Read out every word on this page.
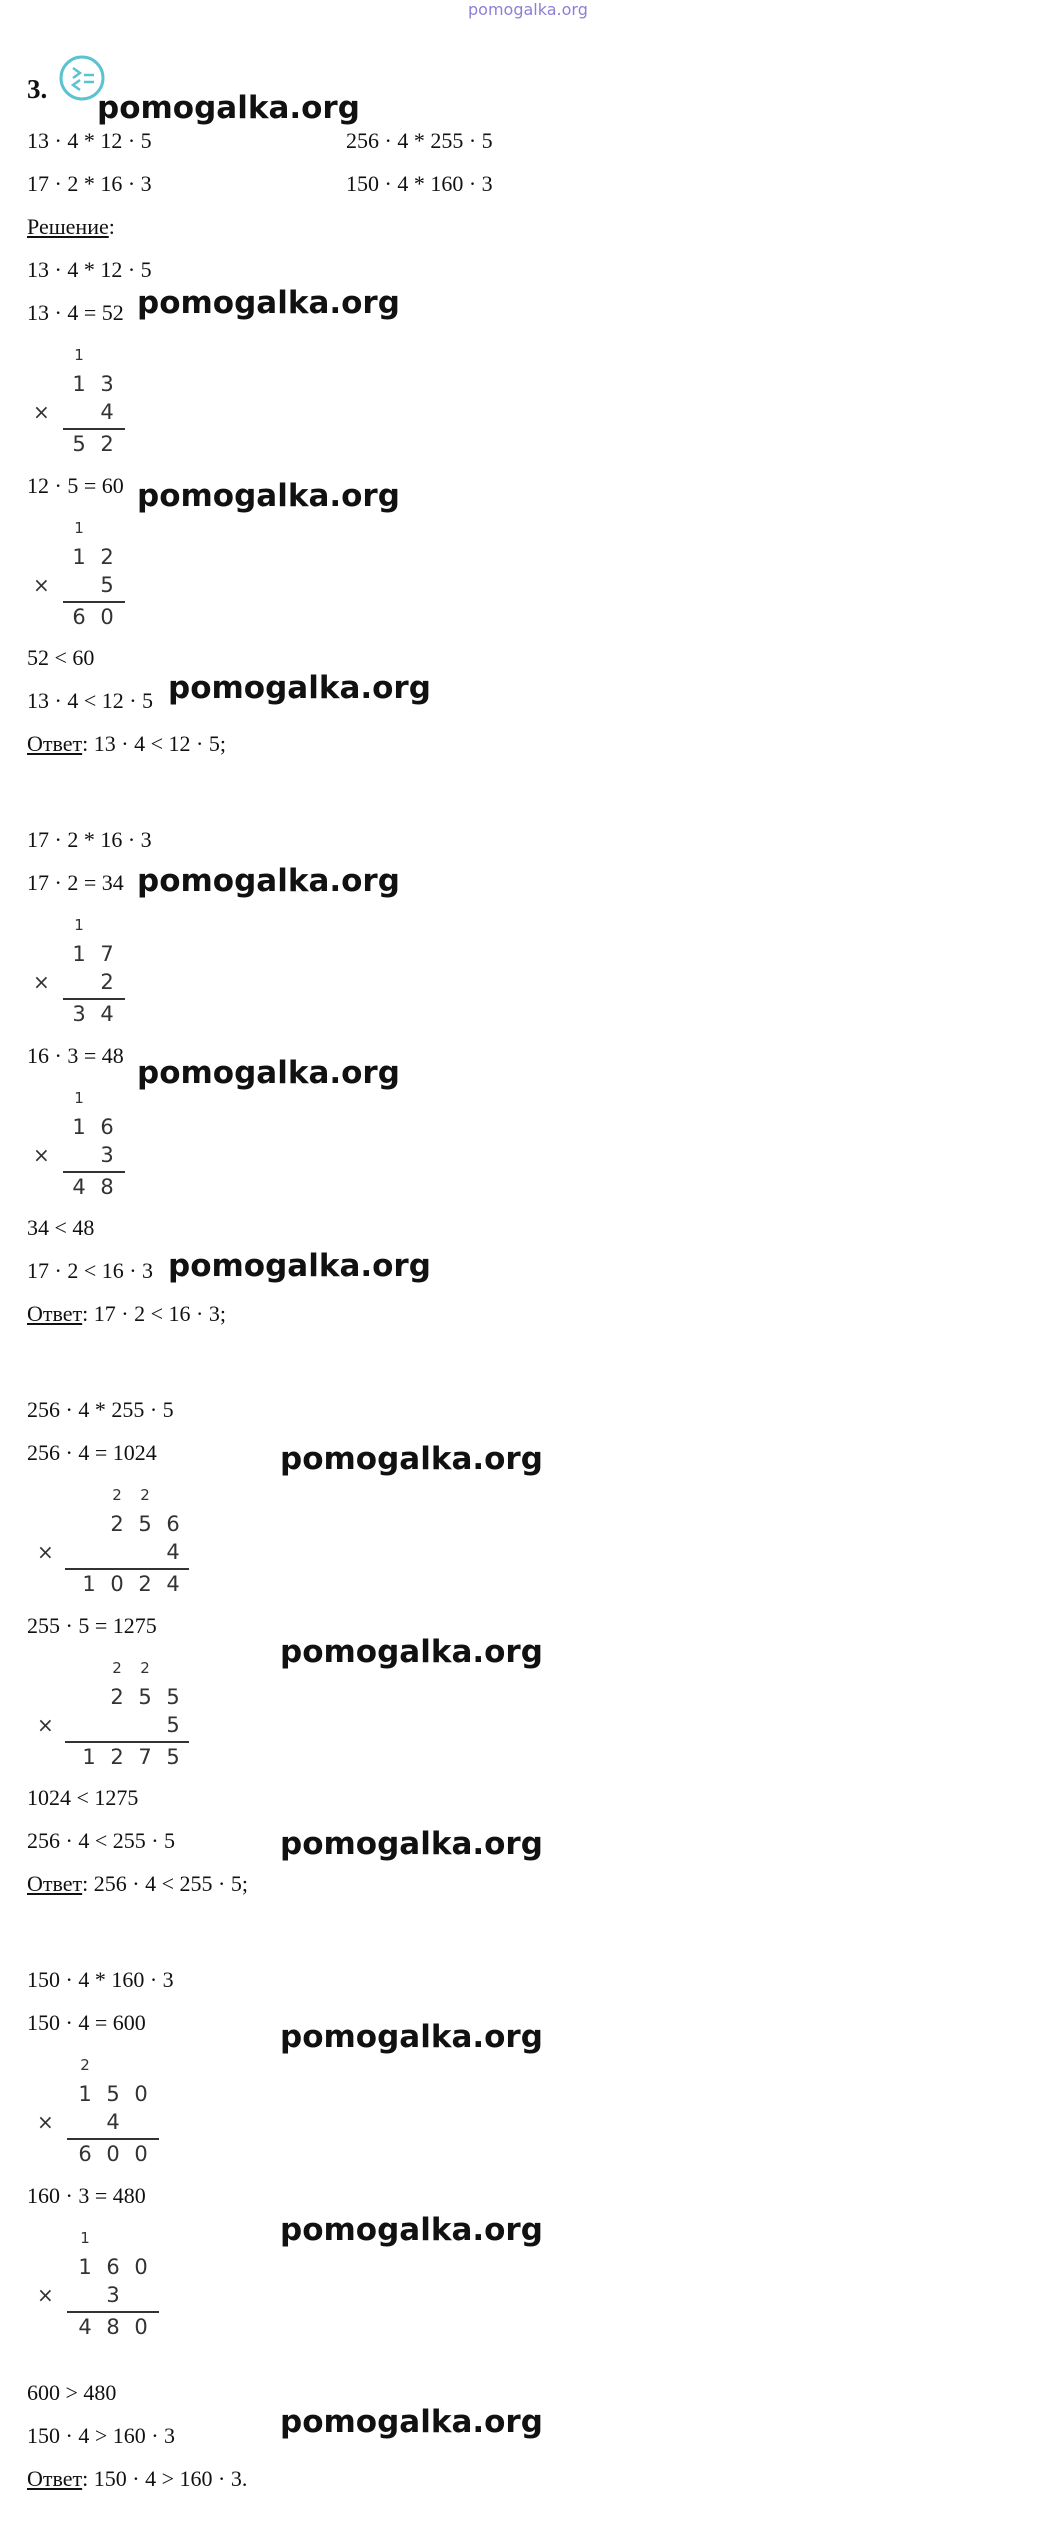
pomogalka.org
3.
13 · 4 * 12 · 5	256 · 4 * 255 · 5
17 · 2 * 16 · 3	150 · 4 * 160 · 3
Решение:
13 · 4 * 12 · 5
13 · 4 = 52
1
1 3
×	4
5 2
12 · 5 = 60
1
1 2
×	5
6 0
52 < 60
13 · 4 < 12 · 5
Ответ: 13 · 4 < 12 · 5;
17 · 2 * 16 · 3
17 · 2 = 34
1
1 7
×	2
3 4
16 · 3 = 48
1
1 6
×	3
4 8
34 < 48
17 · 2 < 16 · 3
Ответ: 17 · 2 < 16 · 3;
256 · 4 * 255 · 5
256 · 4 = 1024
2	2
2 5 6
×	4
1 0 2 4
255 · 5 = 1275
2	2
2 5 5
×	5
1 2 7 5
1024 < 1275
256 · 4 < 255 · 5
Ответ: 256 · 4 < 255 · 5;
150 · 4 * 160 · 3
150 · 4 = 600
2
1 5 0
×	4
6 0 0
160 · 3 = 480
1
1 6 0
×	3
4 8 0
600 > 480
150 · 4 > 160 · 3
Ответ: 150 · 4 > 160 · 3.
pomogalka.org
pomogalka.org
pomogalka.org
pomogalka.org
pomogalka.org
pomogalka.org
pomogalka.org
pomogalka.org
pomogalka.org
pomogalka.org
pomogalka.org
pomogalka.org
pomogalka.org
